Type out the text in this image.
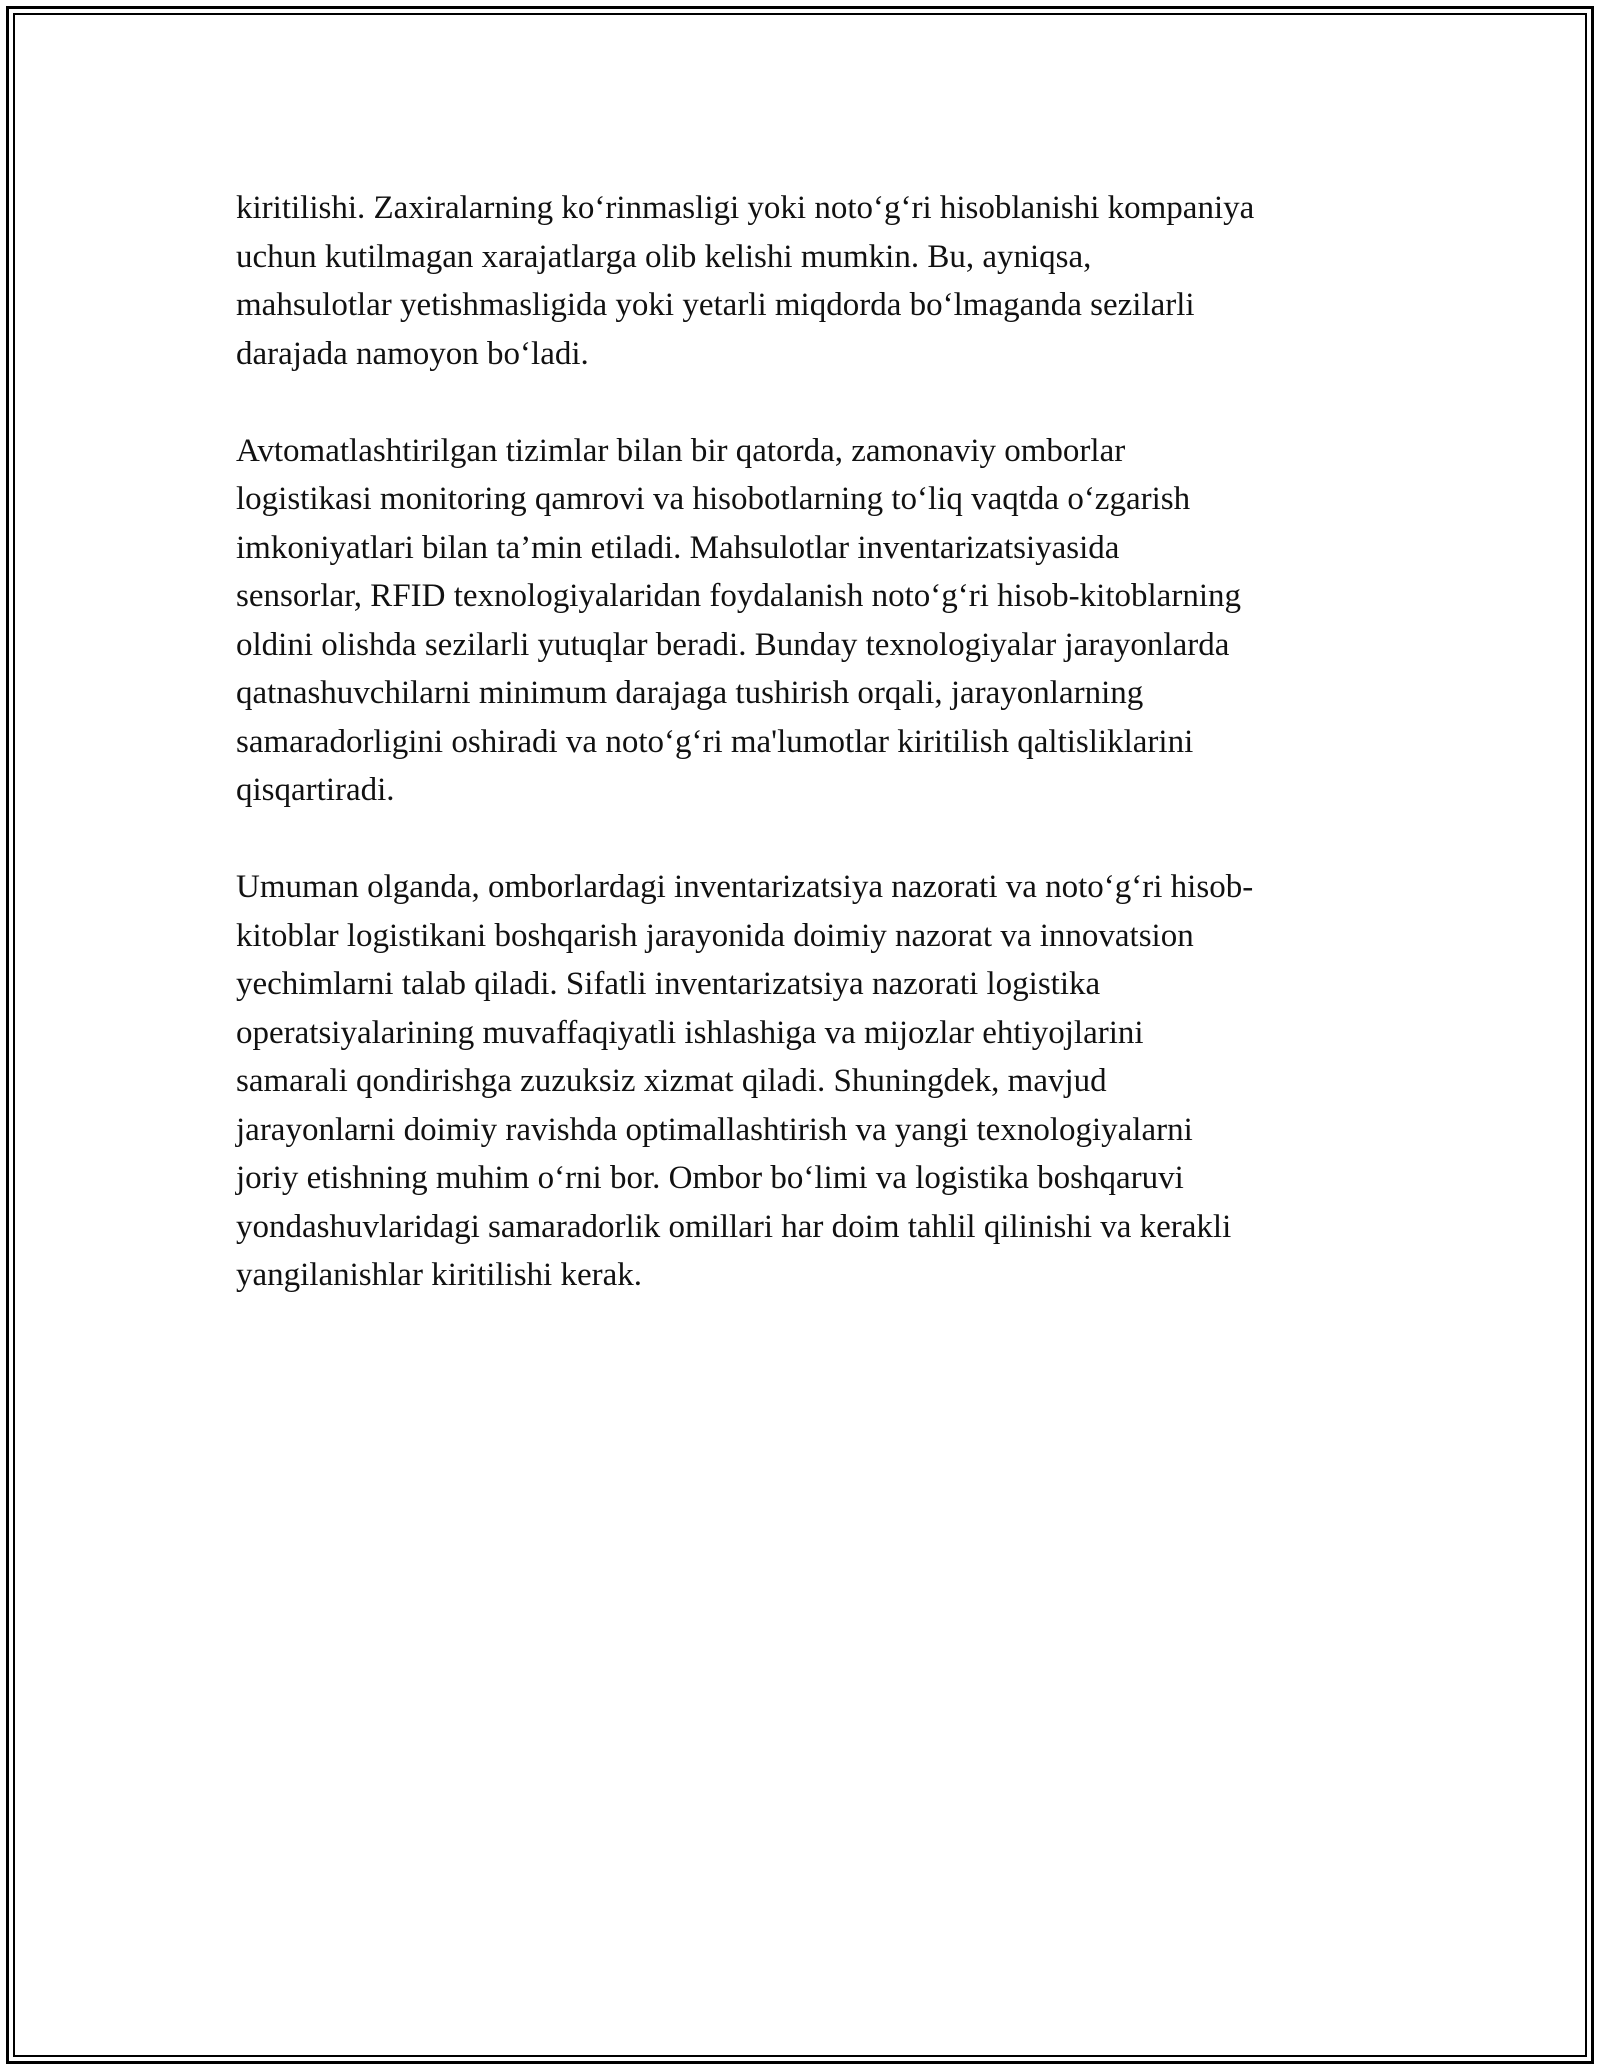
kiritilishi. Zaxiralarning ko‘rinmasligi yoki noto‘g‘ri hisoblanishi kompaniya
uchun kutilmagan xarajatlarga olib kelishi mumkin. Bu, ayniqsa,
mahsulotlar yetishmasligida yoki yetarli miqdorda bo‘lmaganda sezilarli
darajada namoyon bo‘ladi.

Avtomatlashtirilgan tizimlar bilan bir qatorda, zamonaviy omborlar
logistikasi monitoring qamrovi va hisobotlarning to‘liq vaqtda o‘zgarish
imkoniyatlari bilan ta’min etiladi. Mahsulotlar inventarizatsiyasida
sensorlar, RFID texnologiyalaridan foydalanish noto‘g‘ri hisob-kitoblarning
oldini olishda sezilarli yutuqlar beradi. Bunday texnologiyalar jarayonlarda
qatnashuvchilarni minimum darajaga tushirish orqali, jarayonlarning
samaradorligini oshiradi va noto‘g‘ri ma'lumotlar kiritilish qaltisliklarini
qisqartiradi.

Umuman olganda, omborlardagi inventarizatsiya nazorati va noto‘g‘ri hisob-
kitoblar logistikani boshqarish jarayonida doimiy nazorat va innovatsion
yechimlarni talab qiladi. Sifatli inventarizatsiya nazorati logistika
operatsiyalarining muvaffaqiyatli ishlashiga va mijozlar ehtiyojlarini
samarali qondirishga zuzuksiz xizmat qiladi. Shuningdek, mavjud
jarayonlarni doimiy ravishda optimallashtirish va yangi texnologiyalarni
joriy etishning muhim o‘rni bor. Ombor bo‘limi va logistika boshqaruvi
yondashuvlaridagi samaradorlik omillari har doim tahlil qilinishi va kerakli
yangilanishlar kiritilishi kerak.
